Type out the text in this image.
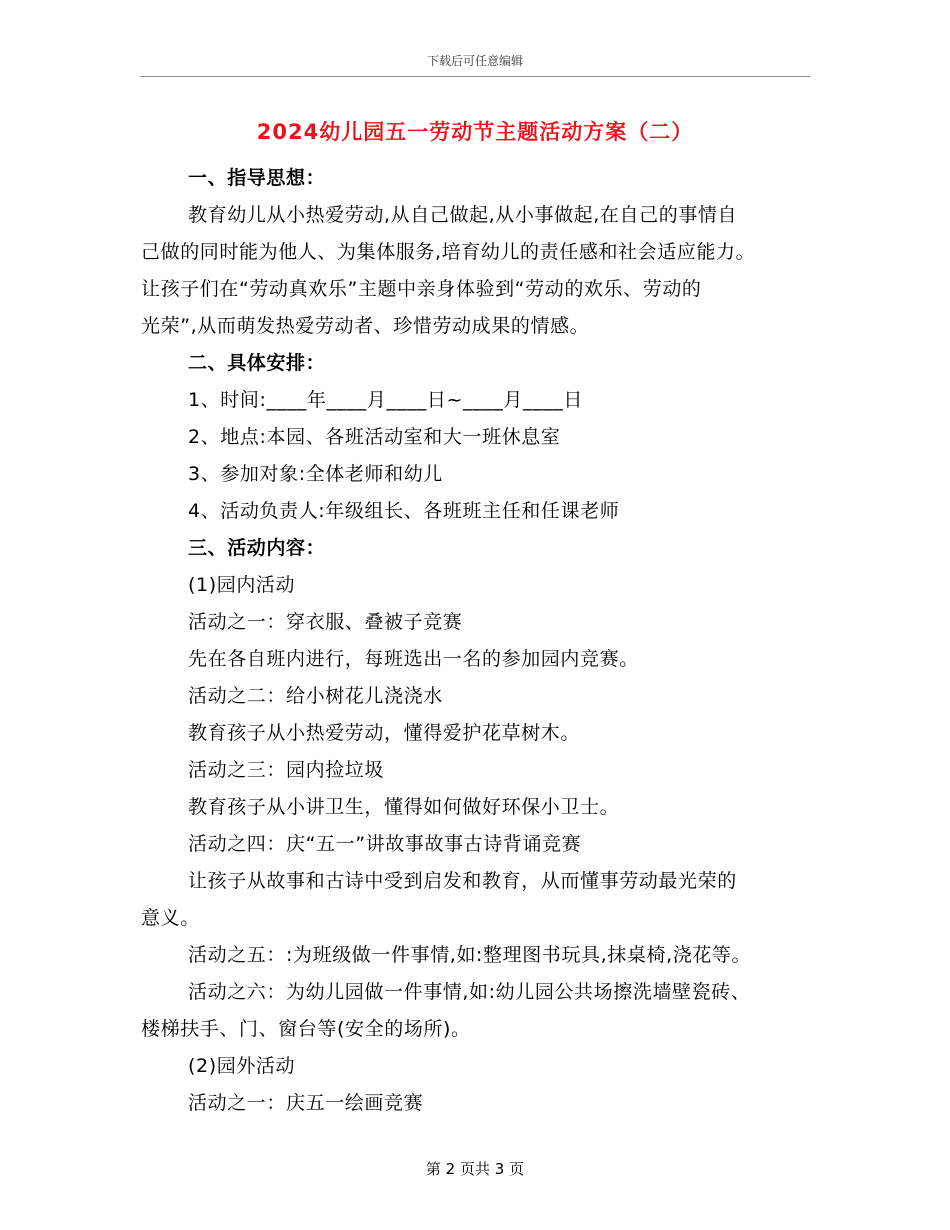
下载后可任意编辑
2024幼儿园五一劳动节主题活动方案（二）
一、指导思想：
教育幼儿从小热爱劳动,从自己做起,从小事做起,在自己的事情自
己做的同时能为他人、为集体服务,培育幼儿的责任感和社会适应能力。
让孩子们在“劳动真欢乐”主题中亲身体验到“劳动的欢乐、劳动的
光荣”,从而萌发热爱劳动者、珍惜劳动成果的情感。
二、具体安排：
1、时间:____年____月____日~____月____日
2、地点:本园、各班活动室和大一班休息室
3、参加对象:全体老师和幼儿
4、活动负责人:年级组长、各班班主任和任课老师
三、活动内容：
(1)园内活动
活动之一：穿衣服、叠被子竞赛
先在各自班内进行，每班选出一名的参加园内竞赛。
活动之二：给小树花儿浇浇水
教育孩子从小热爱劳动，懂得爱护花草树木。
活动之三：园内捡垃圾
教育孩子从小讲卫生，懂得如何做好环保小卫士。
活动之四：庆“五一”讲故事故事古诗背诵竞赛
让孩子从故事和古诗中受到启发和教育，从而懂事劳动最光荣的
意义。
活动之五：:为班级做一件事情,如:整理图书玩具,抹桌椅,浇花等。
活动之六：为幼儿园做一件事情,如:幼儿园公共场擦洗墙壁瓷砖、
楼梯扶手、门、窗台等(安全的场所)。
(2)园外活动
活动之一：庆五一绘画竞赛
第 2 页共 3 页
